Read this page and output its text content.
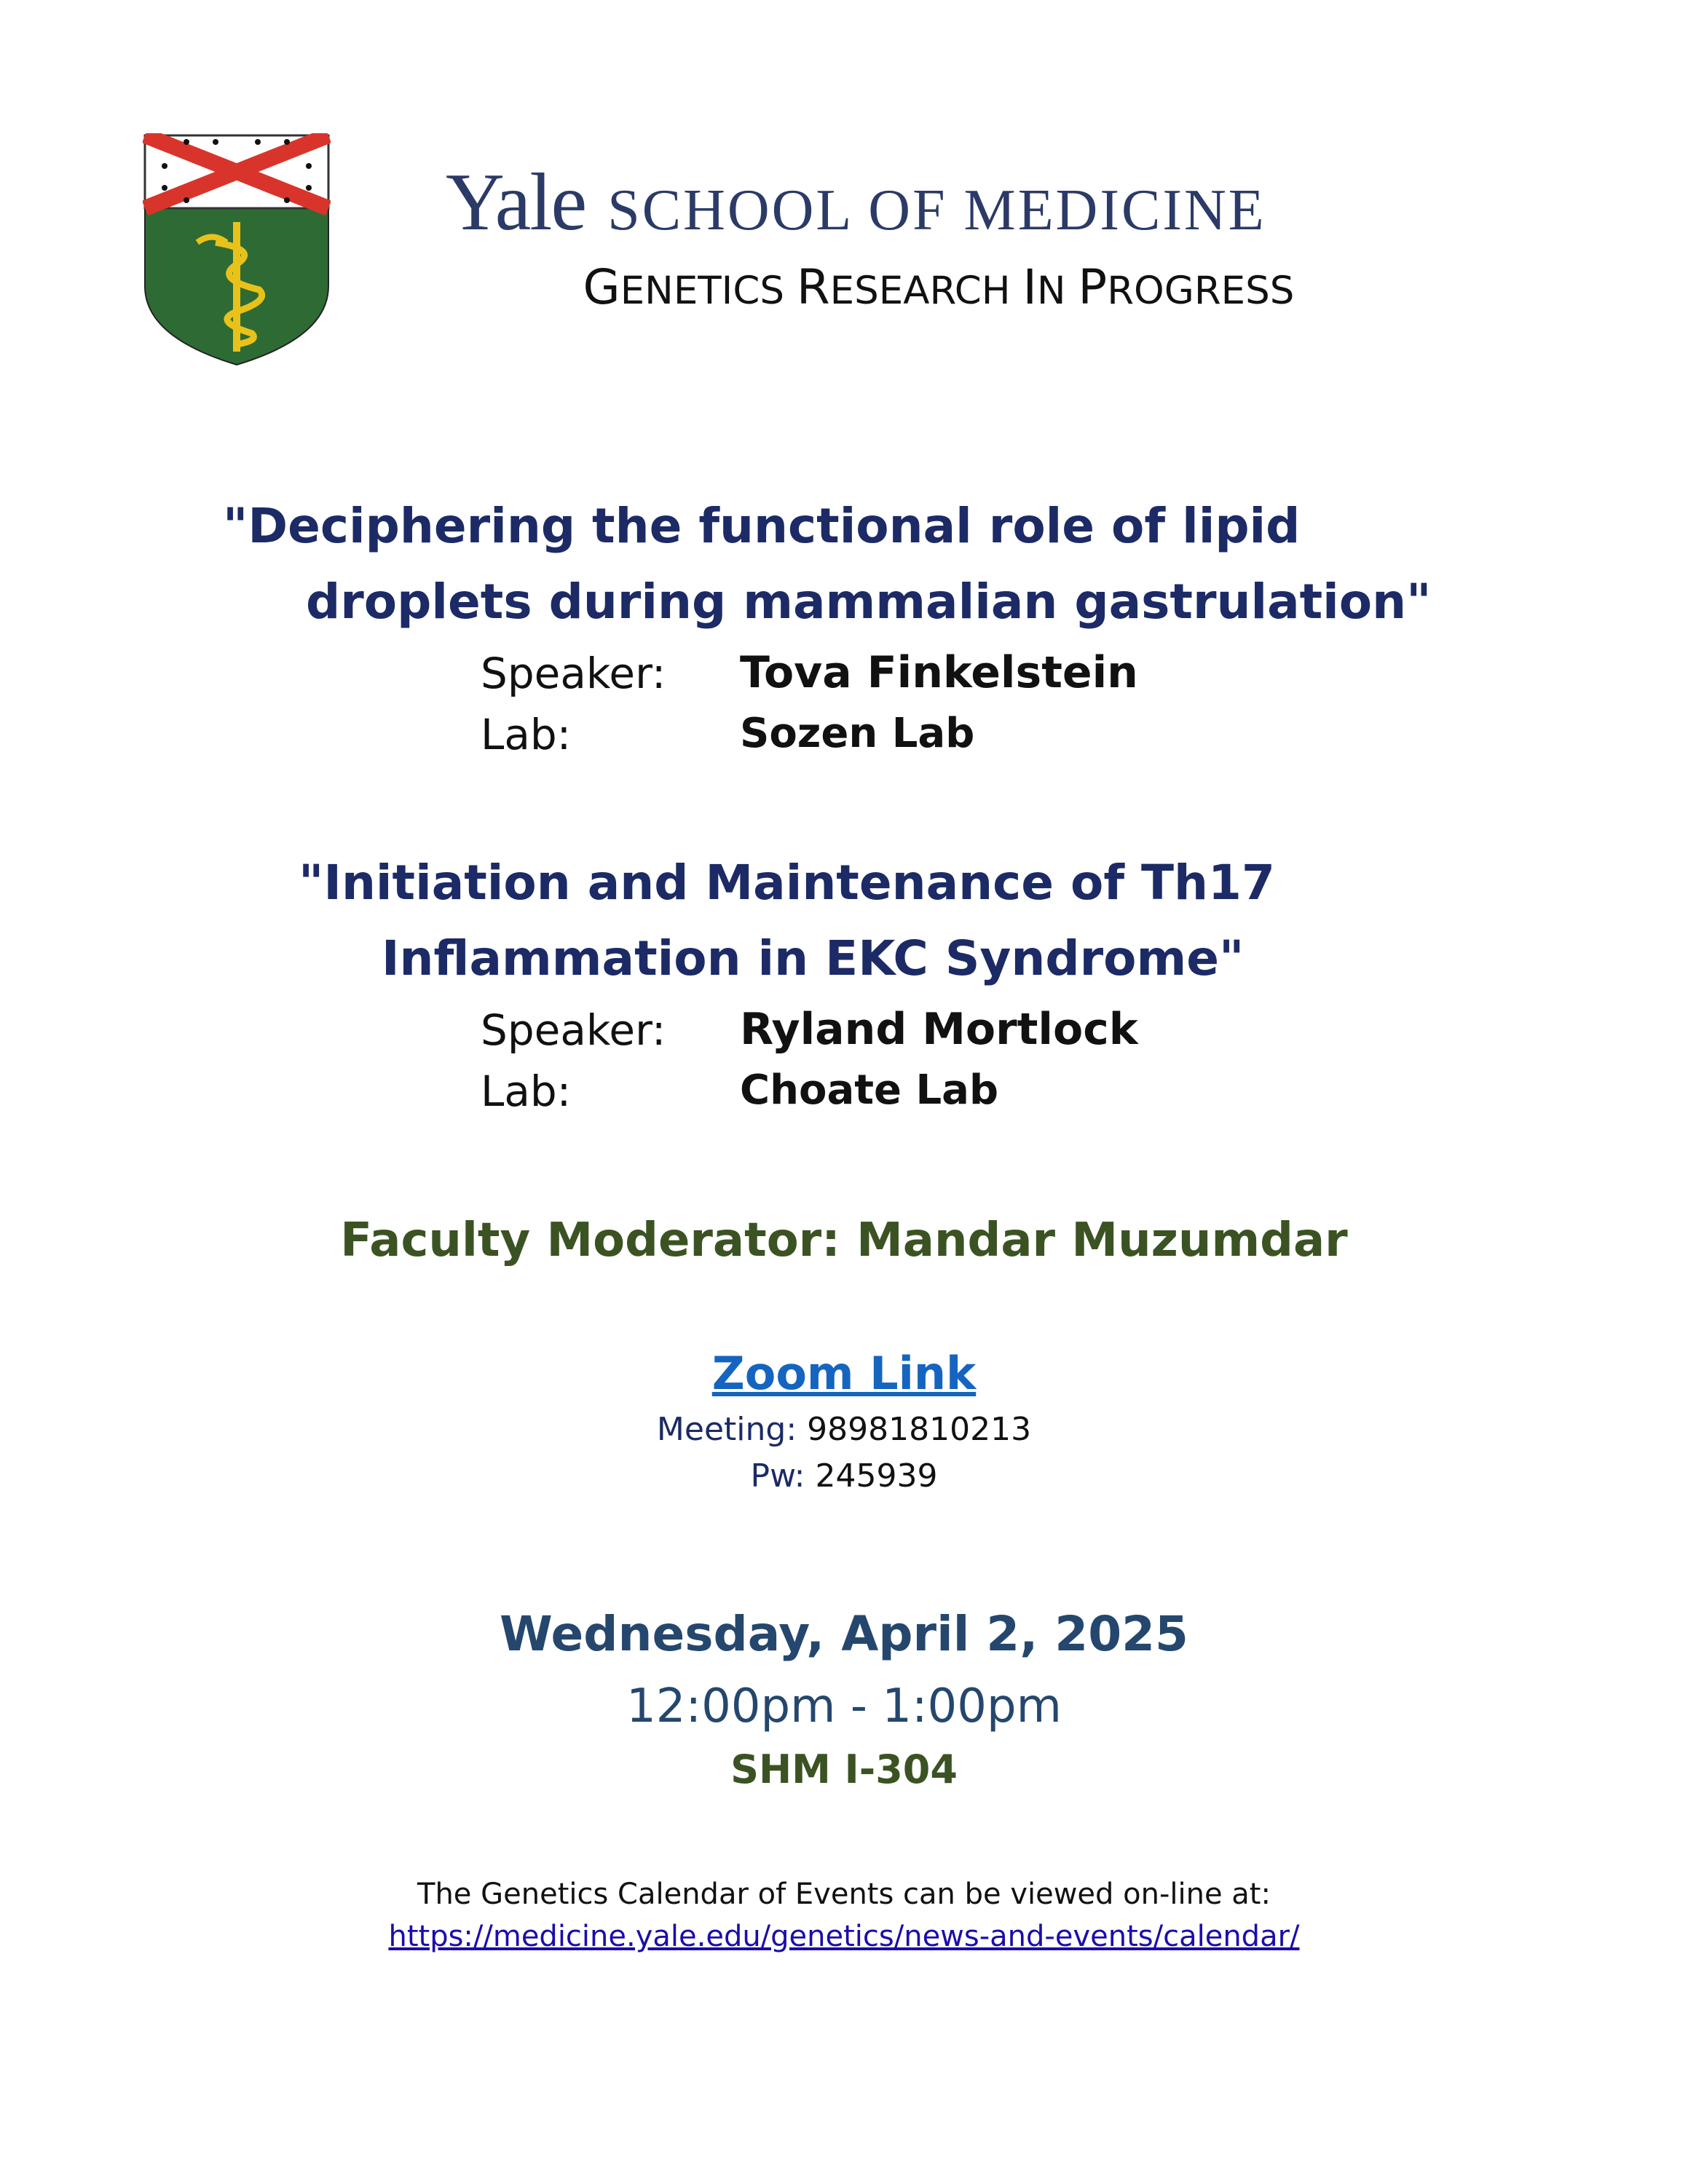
Yale SCHOOL OF MEDICINE
GENETICS RESEARCH IN PROGRESS
"Deciphering the functional role of lipid
droplets during mammalian gastrulation"
Speaker: Tova Finkelstein
Lab:	Sozen Lab
"Initiation and Maintenance of Th17
Inflammation in EKC Syndrome"
Speaker: Ryland Mortlock
Lab:	Choate Lab
Faculty Moderator: Mandar Muzumdar
Zoom Link
Meeting: 98981810213
Pw: 245939
Wednesday, April 2, 2025
12:00pm - 1:00pm
SHM I-304
The Genetics Calendar of Events can be viewed on-line at:
https://medicine.yale.edu/genetics/news-and-events/calendar/
